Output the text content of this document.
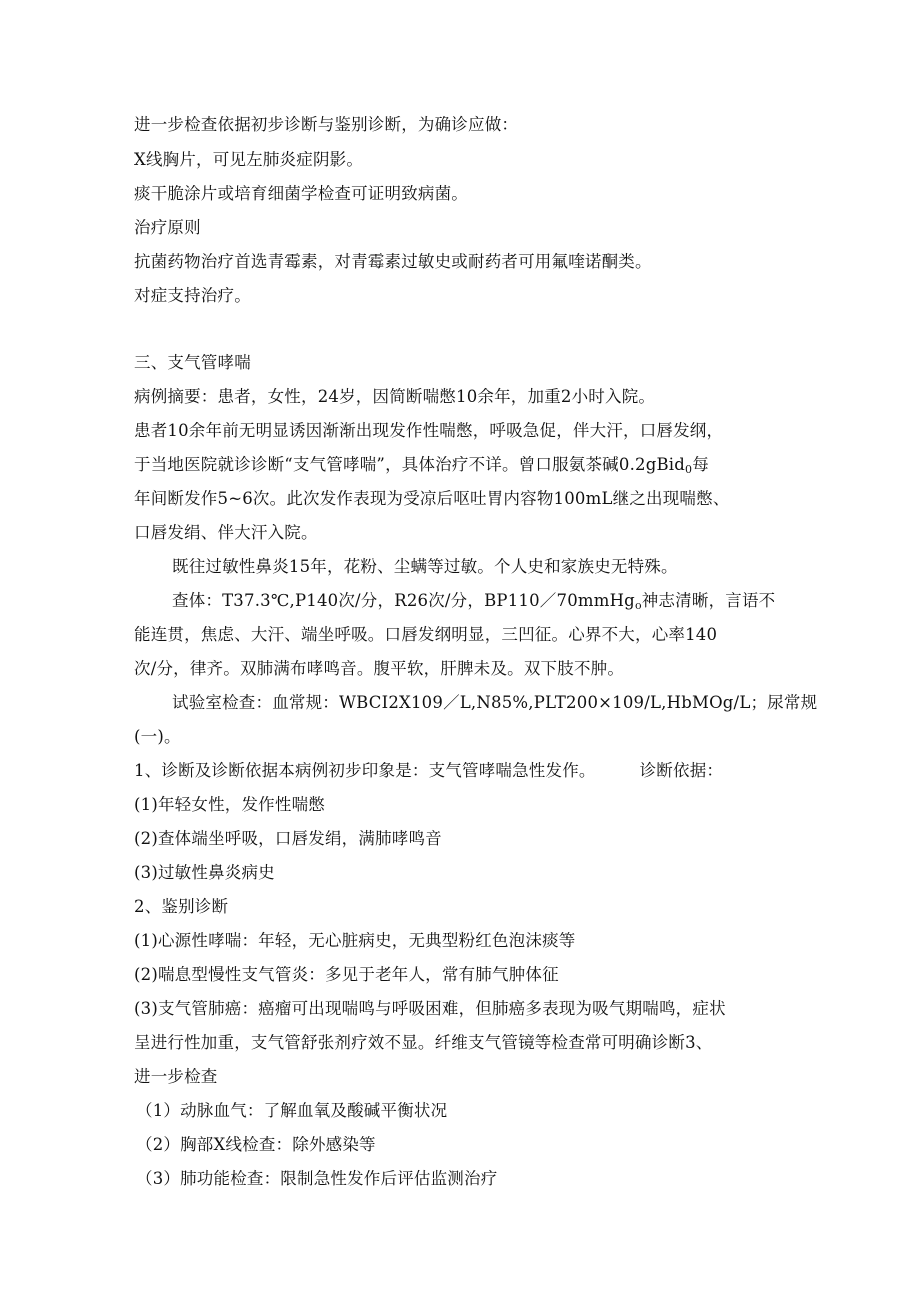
进一步检查依据初步诊断与鉴别诊断，为确诊应做：
X线胸片，可见左肺炎症阴影。
痰干脆涂片或培育细菌学检查可证明致病菌。
治疗原则
抗菌药物治疗首选青霉素，对青霉素过敏史或耐药者可用氟喹诺酮类。
对症支持治疗。
三、支气管哮喘
病例摘要：患者，女性，24岁，因简断喘憋10余年，加重2小时入院。
患者10余年前无明显诱因渐渐出现发作性喘憋，呼吸急促，伴大汗，口唇发纲，
于当地医院就诊诊断“支气管哮喘”，具体治疗不详。曾口服氨茶碱0.2gBid$_0$每
年间断发作5~6次。此次发作表现为受凉后呕吐胃内容物100mL继之出现喘憋、
口唇发绢、伴大汗入院。
既往过敏性鼻炎15年，花粉、尘螨等过敏。个人史和家族史无特殊。
查体：T37.3℃,P140次/分，R26次/分，BP110／70mmHg$_o$神志清晰，言语不
能连贯，焦虑、大汗、端坐呼吸。口唇发纲明显，三凹征。心界不大，心率140
次/分，律齐。双肺满布哮鸣音。腹平软，肝脾未及。双下肢不肿。
试验室检查：血常规：WBCI2X109／L,N85%,PLT200×109/L,HbMOg/L；尿常规
(一)。
1、诊断及诊断依据本病例初步印象是：支气管哮喘急性发作。	诊断依据：
(1)年轻女性，发作性喘憋
(2)查体端坐呼吸，口唇发绢，满肺哮鸣音
(3)过敏性鼻炎病史
2、鉴别诊断
(1)心源性哮喘：年轻，无心脏病史，无典型粉红色泡沫痰等
(2)喘息型慢性支气管炎：多见于老年人，常有肺气肿体征
(3)支气管肺癌：癌瘤可出现喘鸣与呼吸困难，但肺癌多表现为吸气期喘鸣，症状
呈进行性加重，支气管舒张剂疗效不显。纤维支气管镜等检查常可明确诊断3、
进一步检查
（1）动脉血气：了解血氧及酸碱平衡状况
（2）胸部X线检查：除外感染等
（3）肺功能检查：限制急性发作后评估监测治疗
